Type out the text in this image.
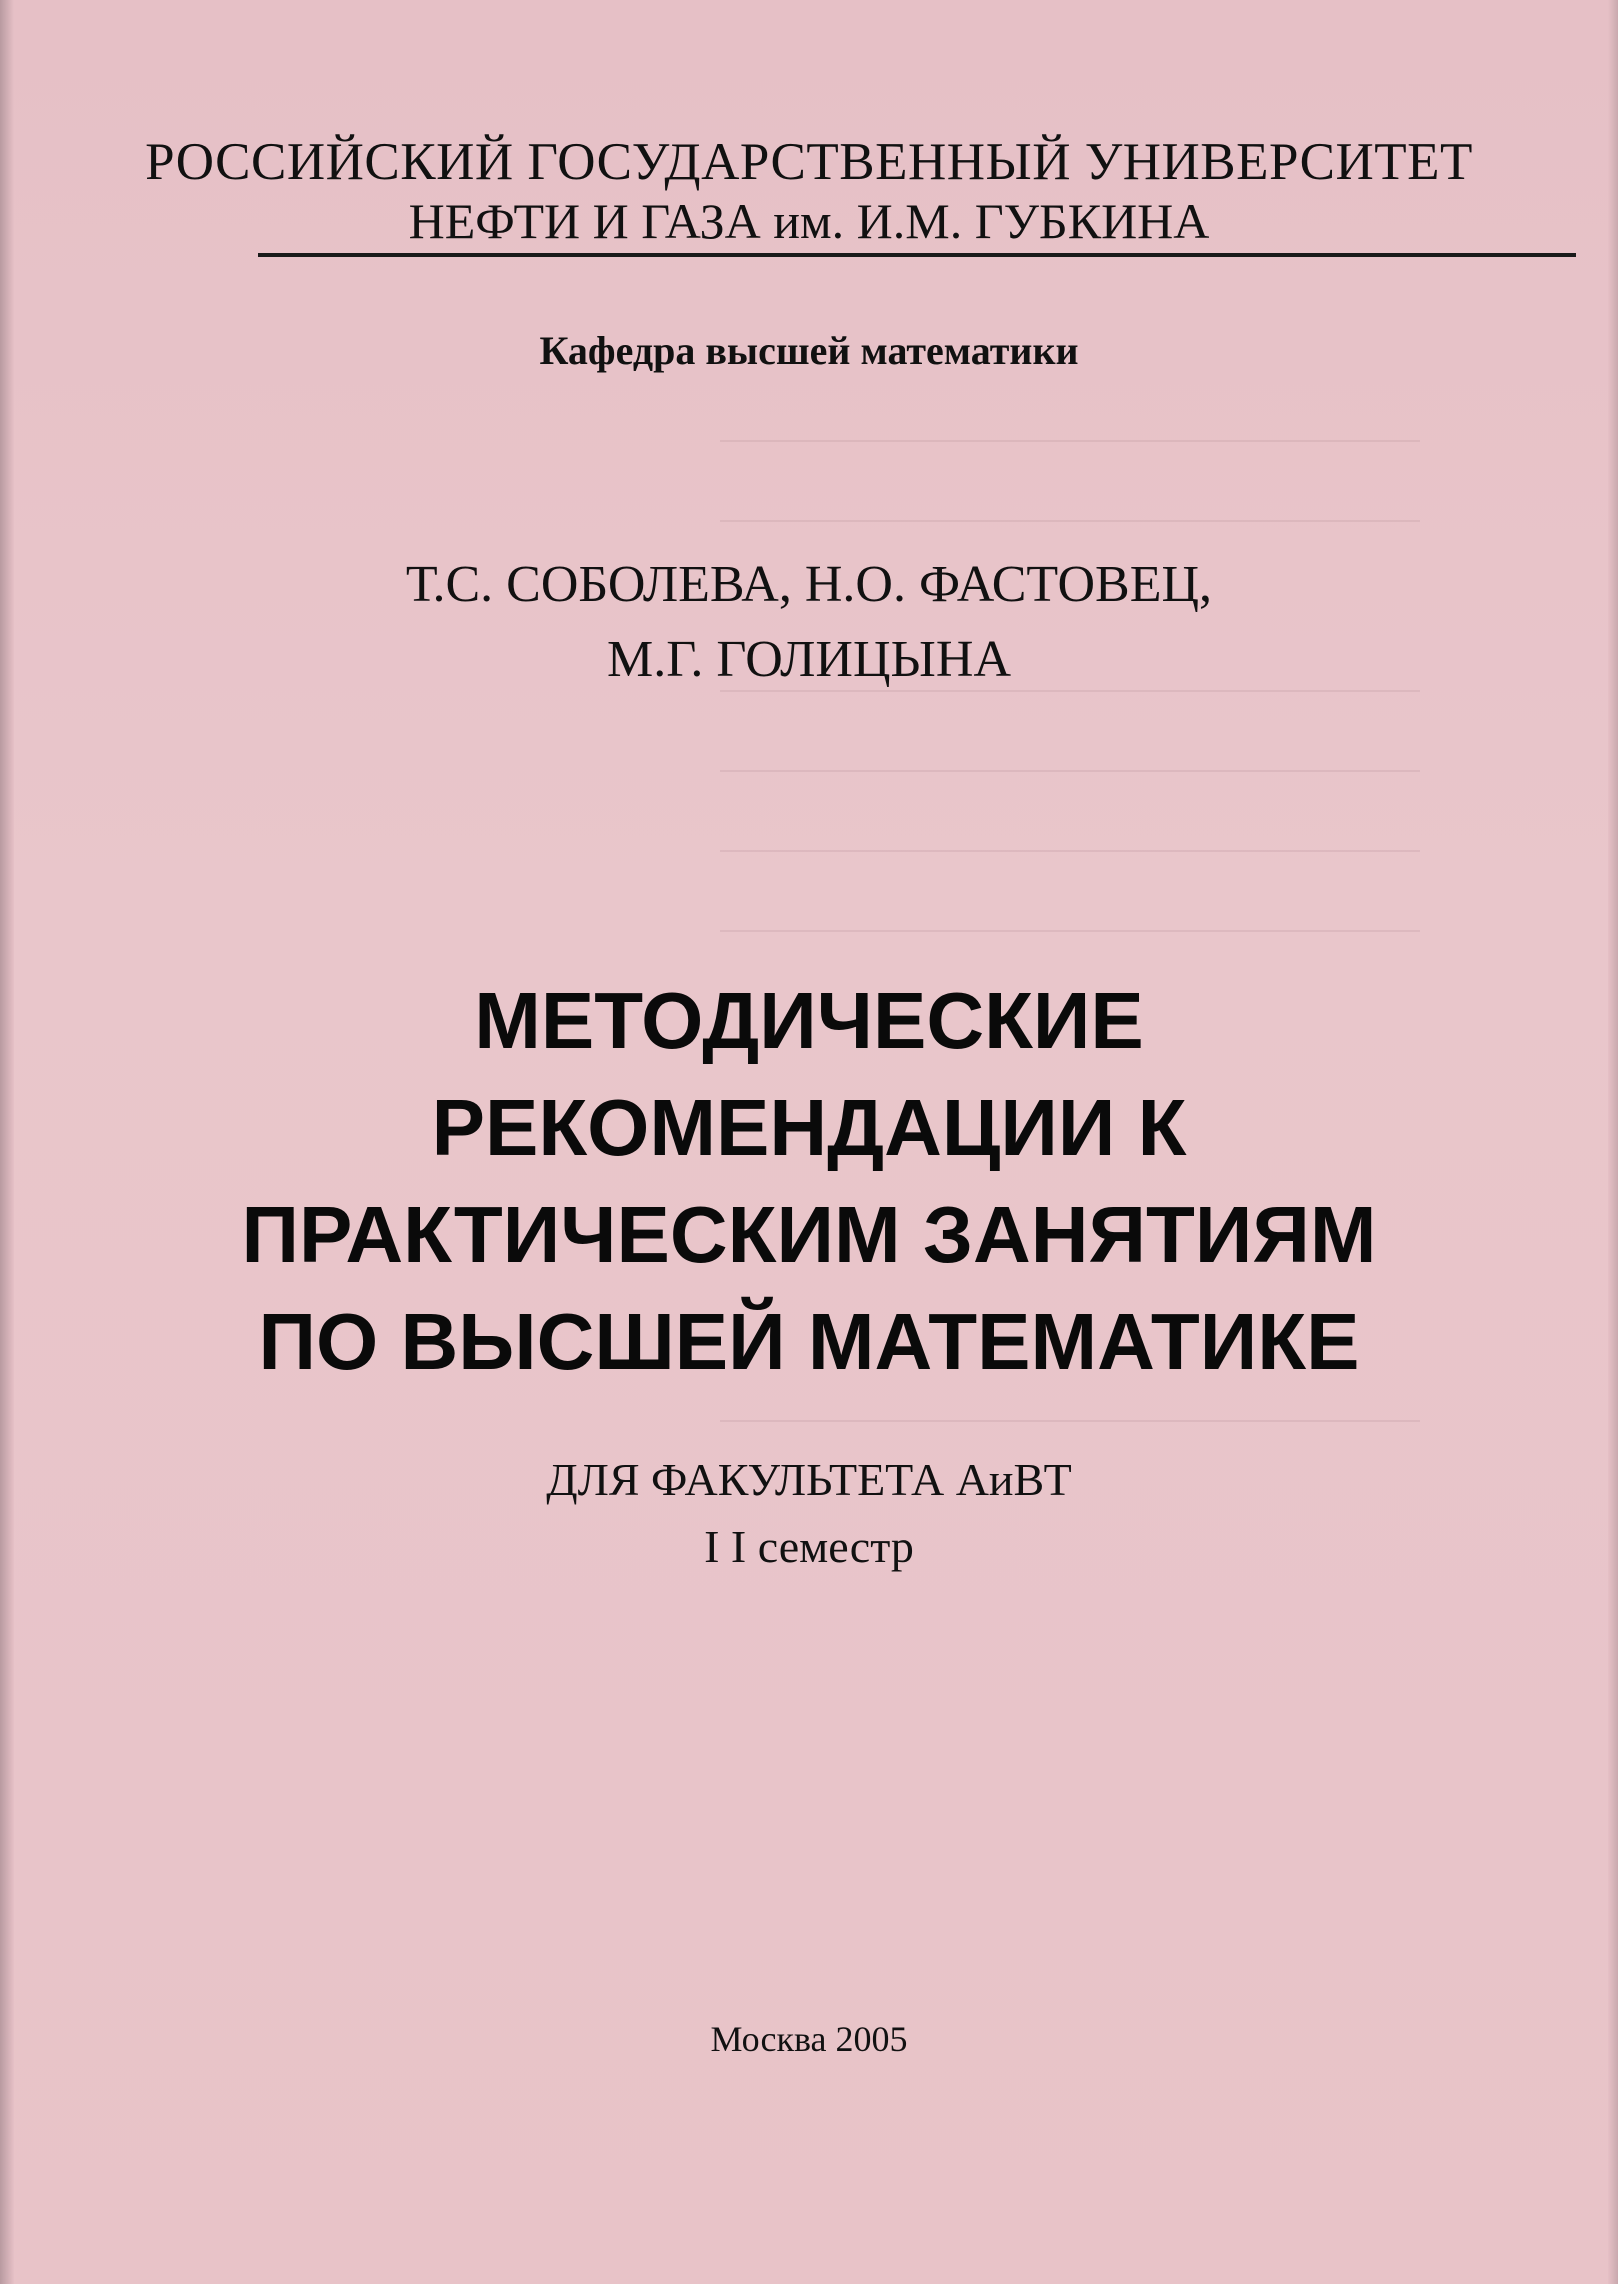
РОССИЙСКИЙ ГОСУДАРСТВЕННЫЙ УНИВЕРСИТЕТ
НЕФТИ И ГАЗА им. И.М. ГУБКИНА
Кафедра высшей математики
Т.С. СОБОЛЕВА, Н.О. ФАСТОВЕЦ,
М.Г. ГОЛИЦЫНА
МЕТОДИЧЕСКИЕ
РЕКОМЕНДАЦИИ К
ПРАКТИЧЕСКИМ ЗАНЯТИЯМ
ПО ВЫСШЕЙ МАТЕМАТИКЕ
ДЛЯ ФАКУЛЬТЕТА АиВТ
I I семестр
Москва 2005
